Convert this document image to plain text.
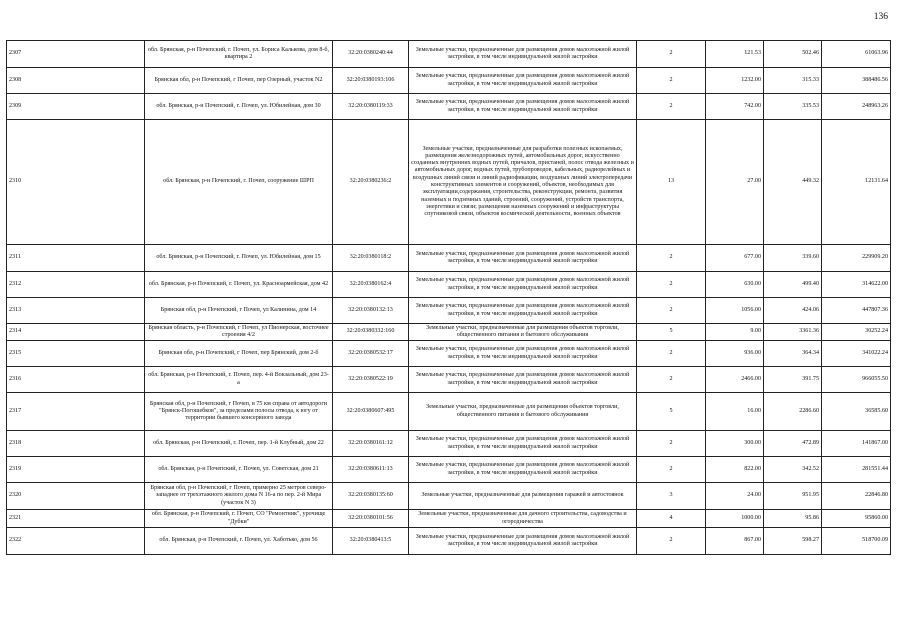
136
2307	обл. Брянская, р-н Почепский, г. Почеп, ул. Бориса Калькова, дом 8-б, квартира 2	32:20:0380240:44	Земельные участки, предназначенные для размещения домов малоэтажной жилой застройки, в том числе индивидуальной жилой застройки	2	121.53	502.46	61063.96
2308	Брянская обл, р-н Почепский, г Почеп, пер Озерный, участок N2	32:20:0380193:106	Земельные участки, предназначенные для размещения домов малоэтажной жилой застройки, в том числе индивидуальной жилой застройки	2	1232.00	315.33	388486.56
2309	обл. Брянская, р-н Почепский, г. Почеп, ул. Юбилейная, дом 30	32:20:0380119:33	Земельные участки, предназначенные для размещения домов малоэтажной жилой застройки, в том числе индивидуальной жилой застройки	2	742.00	335.53	248963.26
2310	обл. Брянская, р-н Почепский, г. Почеп, сооружение ШРП	32:20:0380236:2	Земельные участки, предназначенные для разработки полезных ископаемых, размещения железнодорожных путей, автомобильных дорог, искусственно созданных внутренних водных путей, причалов, пристаней, полос отвода железных и автомобильных дорог, водных путей, трубопроводов, кабельных, радиорелейных и воздушных линий связи и линий радиофикации, воздушных линий электропередачи конструктивных элементов и сооружений, объектов, необходимых для эксплуатации,содержания, строительства, реконструкции, ремонта, развития наземных и подземных зданий, строений, сооружений, устройств транспорта, энергетики и связи; размещения наземных сооружений и инфраструктуры спутниковой связи, объектов космической деятельности, военных объектов	13	27.00	449.32	12131.64
2311	обл. Брянская, р-н Почепский, г. Почеп, ул. Юбилейная, дом 15	32:20:0380118:2	Земельные участки, предназначенные для размещения домов малоэтажной жилой застройки, в том числе индивидуальной жилой застройки	2	677.00	339.60	229909.20
2312	обл. Брянская, р-н Почепский, г. Почеп, ул. Красноармейская, дом 42	32:20:0380162:4	Земельные участки, предназначенные для размещения домов малоэтажной жилой застройки, в том числе индивидуальной жилой застройки	2	630.00	499.40	314622.00
2313	Брянская обл, р-н Почепский, г Почеп, ул Калинина, дом 14	32:20:0380132:13	Земельные участки, предназначенные для размещения домов малоэтажной жилой застройки, в том числе индивидуальной жилой застройки	2	1056.00	424.06	447807.36
2314	Брянская область, р-н Почепский, г Почеп, ул Пионерская, восточнее строения 4/2	32:20:0380332:160	Земельные участки, предназначенные для размещения объектов торговли, общественного питания и бытового обслуживания	5	9.00	3361.36	30252.24
2315	Брянская обл, р-н Почепский, г Почеп, пер Брянский, дом 2-б	32:20:0380532:17	Земельные участки, предназначенные для размещения домов малоэтажной жилой застройки, в том числе индивидуальной жилой застройки	2	936.00	364.34	341022.24
2316	обл. Брянская, р-н Почепский, г. Почеп, пер. 4-й Вокзальный, дом 23-а	32:20:0380522:19	Земельные участки, предназначенные для размещения домов малоэтажной жилой застройки, в том числе индивидуальной жилой застройки	2	2466.00	391.75	966055.50
2317	Брянская обл, р-н Почепский, г Почеп, в 75 км справа от автодороги "Брянск-Погошебков", за пределами полосы отвода, к югу от территории бывшего консервного завода	32:20:0380607:495	Земельные участки, предназначенные для размещения объектов торговли, общественного питания и бытового обслуживания	5	16.00	2286.60	36585.60
2318	обл. Брянская, р-н Почепский, г. Почеп, пер. 1-й Клубный, дом 22	32:20:0380161:12	Земельные участки, предназначенные для размещения домов малоэтажной жилой застройки, в том числе индивидуальной жилой застройки	2	300.00	472.89	141867.00
2319	обл. Брянская, р-н Почепский, г. Почеп, ул. Советская, дом 21	32:20:0380611:13	Земельные участки, предназначенные для размещения домов малоэтажной жилой застройки, в том числе индивидуальной жилой застройки	2	822.00	342.52	281551.44
2320	Брянская обл, р-н Почепский, г Почеп, примерно 25 метров северо-западнее от трехэтажного жилого дома N 16-а по пер. 2-й Мира (участок N 3)	32:20:0380135:60	Земельные участки, предназначенные для размещения гаражей и автостоянок	3	24.00	951.95	22846.80
2321	обл. Брянская, р-н Почепский, г. Почеп, СО "Ремонтник", урочище "Дубки"	32:20:0380101:56	Земельные участки, предназначенные для дачного строительства, садоводства и огородничества	4	1000.00	95.86	95860.00
2322	обл. Брянская, р-н Почепский, г. Почеп, ул. Хаботько, дом 56	32:20:0380413:5	Земельные участки, предназначенные для размещения домов малоэтажной жилой застройки, в том числе индивидуальной жилой застройки	2	867.00	598.27	518700.09
